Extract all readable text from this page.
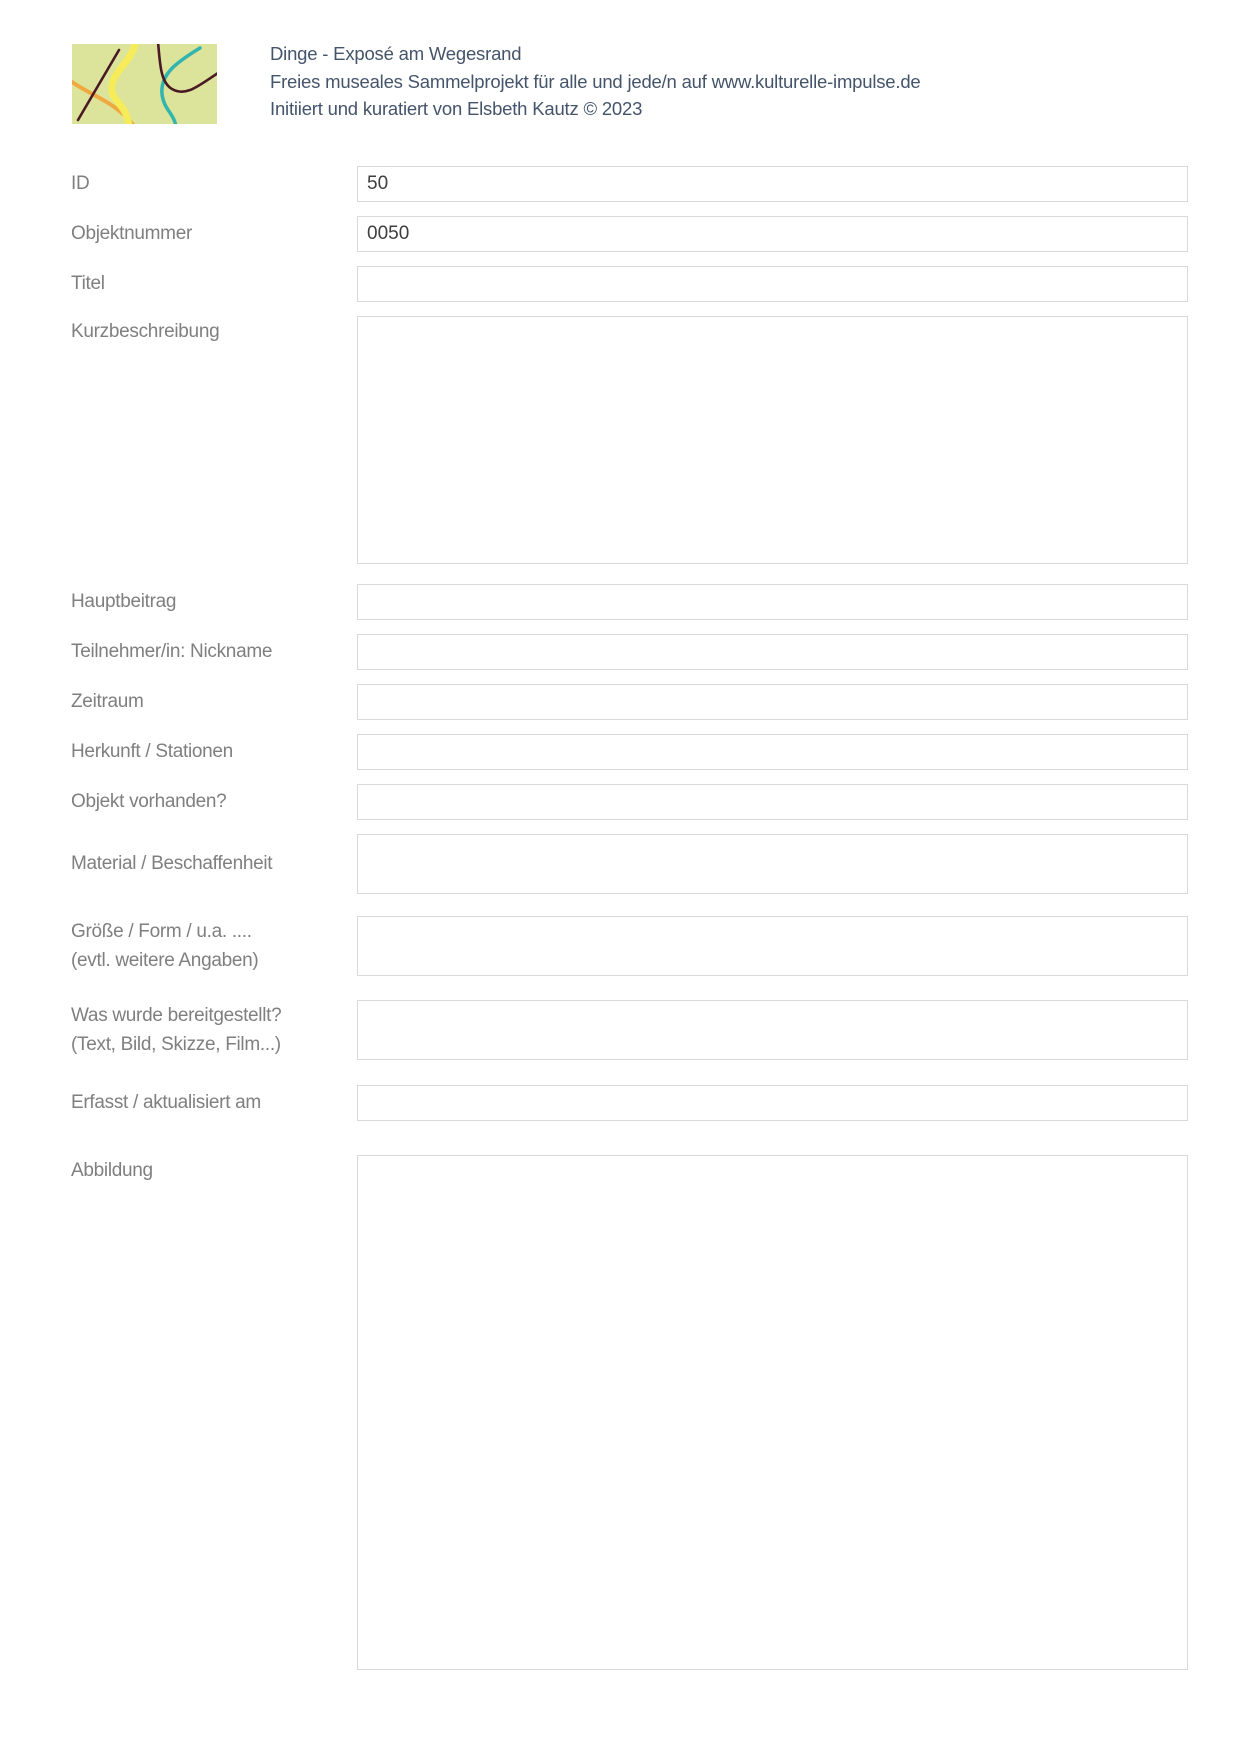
Dinge - Exposé am Wegesrand
Freies museales Sammelprojekt für alle und jede/n auf www.kulturelle-impulse.de
Initiiert und kuratiert von Elsbeth Kautz © 2023
ID
50
Objektnummer
0050
Titel
Kurzbeschreibung
Hauptbeitrag
Teilnehmer/in: Nickname
Zeitraum
Herkunft / Stationen
Objekt vorhanden?
Material / Beschaffenheit
Größe / Form / u.a. ....
(evtl. weitere Angaben)
Was wurde bereitgestellt?
(Text, Bild, Skizze, Film...)
Erfasst / aktualisiert am
Abbildung
